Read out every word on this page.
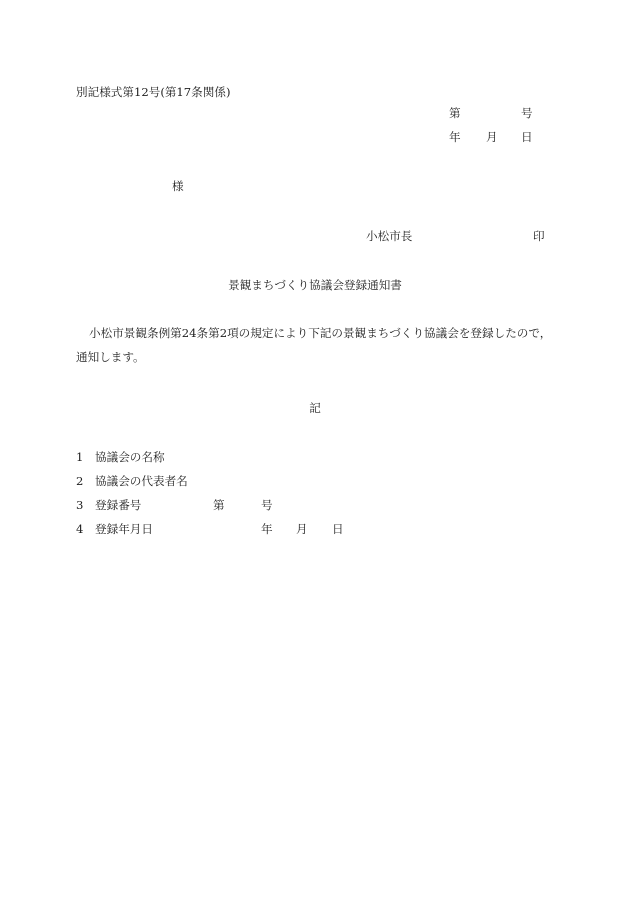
別記様式第12号(第17条関係)
第	号
年 月 日
様
小松市長	印
景観まちづくり協議会登録通知書
小松市景観条例第24条第2項の規定により下記の景観まちづくり協議会を登録したので，
通知します。
記
1 協議会の名称
2 協議会の代表者名
3 登録番号	第	号
4 登録年月日	年 月 日
